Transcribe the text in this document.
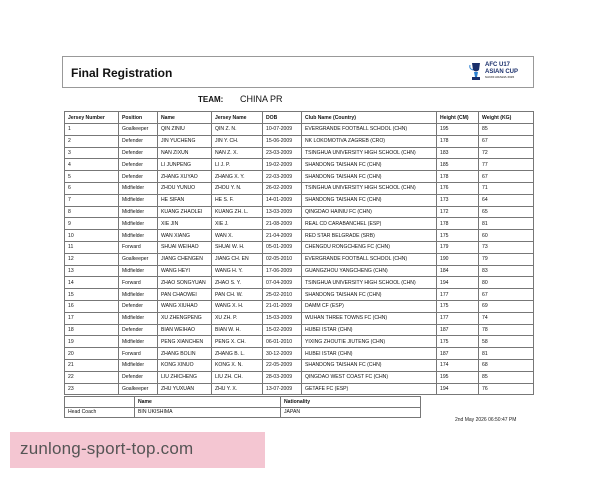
Final Registration
AFC U17
ASIAN CUP
SAUDI ARABIA 2026
TEAM: CHINA PR
Jersey Number	Position	Name	Jersey Name	DOB	Club Name (Country)	Height (CM)	Weight (KG)
1	Goalkeeper	QIN ZINIU	QIN Z. N.	10-07-2009	EVERGRANDE FOOTBALL SCHOOL (CHN)	195	85
2	Defender	JIN YUCHENG	JIN Y. CH.	15-06-2009	NK LOKOMOTIVA ZAGREB (CRO)	178	67
3	Defender	NAN ZIXUN	NAN Z. X.	23-03-2009	TSINGHUA UNIVERSITY HIGH SCHOOL (CHN)	183	72
4	Defender	LI JUNPENG	LI J. P.	19-02-2009	SHANDONG TAISHAN FC (CHN)	185	77
5	Defender	ZHANG XUYAO	ZHANG X. Y.	22-03-2009	SHANDONG TAISHAN FC (CHN)	178	67
6	Midfielder	ZHOU YUNUO	ZHOU Y. N.	26-02-2009	TSINGHUA UNIVERSITY HIGH SCHOOL (CHN)	176	71
7	Midfielder	HE SIFAN	HE S. F.	14-01-2009	SHANDONG TAISHAN FC (CHN)	173	64
8	Midfielder	KUANG ZHAOLEI	KUANG ZH. L.	13-03-2009	QINGDAO HAINIU FC (CHN)	172	65
9	Midfielder	XIE JIN	XIE J.	21-08-2009	REAL CD CARABANCHEL (ESP)	178	81
10	Midfielder	WAN XIANG	WAN X.	21-04-2009	RED STAR BELGRADE (SRB)	175	60
11	Forward	SHUAI WEIHAO	SHUAI W. H.	05-01-2009	CHENGDU RONGCHENG FC (CHN)	179	73
12	Goalkeeper	JIANG CHENGEN	JIANG CH. EN	02-05-2010	EVERGRANDE FOOTBALL SCHOOL (CHN)	190	79
13	Midfielder	WANG HEYI	WANG H. Y.	17-06-2009	GUANGZHOU YANGCHENG (CHN)	184	83
14	Forward	ZHAO SONGYUAN	ZHAO S. Y.	07-04-2009	TSINGHUA UNIVERSITY HIGH SCHOOL (CHN)	194	80
15	Midfielder	PAN CHAOWEI	PAN CH. W.	25-02-2010	SHANDONG TAISHAN FC (CHN)	177	67
16	Defender	WANG XIUHAO	WANG X. H.	21-01-2009	DAMM CF (ESP)	175	69
17	Midfielder	XU ZHENGPENG	XU ZH. P.	15-03-2009	WUHAN THREE TOWNS FC (CHN)	177	74
18	Defender	BIAN WEIHAO	BIAN W. H.	15-02-2009	HUBEI ISTAR (CHN)	187	78
19	Midfielder	PENG XIANCHEN	PENG X. CH.	06-01-2010	YIXING ZHOUTIE JIUTENG (CHN)	175	58
20	Forward	ZHANG BOLIN	ZHANG B. L.	30-12-2009	HUBEI ISTAR (CHN)	187	81
21	Midfielder	KONG XINUO	KONG X. N.	22-05-2009	SHANDONG TAISHAN FC (CHN)	174	68
22	Defender	LIU ZHICHENG	LIU ZH. CH.	28-03-2009	QINGDAO WEST COAST FC (CHN)	195	85
23	Goalkeeper	ZHU YUXUAN	ZHU Y. X.	13-07-2009	GETAFE FC (ESP)	194	76
	Name	Nationality
Head Coach	BIN UKISHIMA	JAPAN
2nd May 2026 06:50:47 PM
zunlong-sport-top.com
